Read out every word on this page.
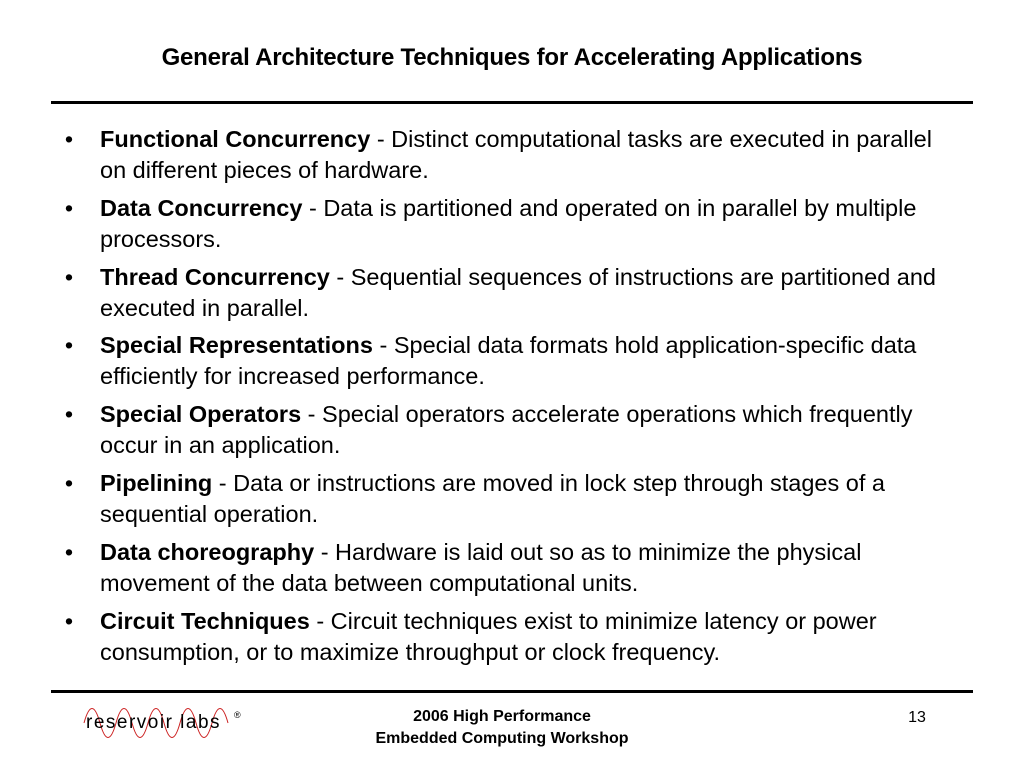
General Architecture Techniques for Accelerating Applications
• Functional Concurrency - Distinct computational tasks are executed in parallel on different pieces of hardware.
• Data Concurrency - Data is partitioned and operated on in parallel by multiple processors.
• Thread Concurrency - Sequential sequences of instructions are partitioned and executed in parallel.
• Special Representations - Special data formats hold application-specific data efficiently for increased performance.
• Special Operators - Special operators accelerate operations which frequently occur in an application.
• Pipelining - Data or instructions are moved in lock step through stages of a sequential operation.
• Data choreography - Hardware is laid out so as to minimize the physical movement of the data between computational units.
• Circuit Techniques - Circuit techniques exist to minimize latency or power consumption, or to maximize throughput or clock frequency.
reservoir labs ®	2006 High Performance
Embedded Computing Workshop
13
